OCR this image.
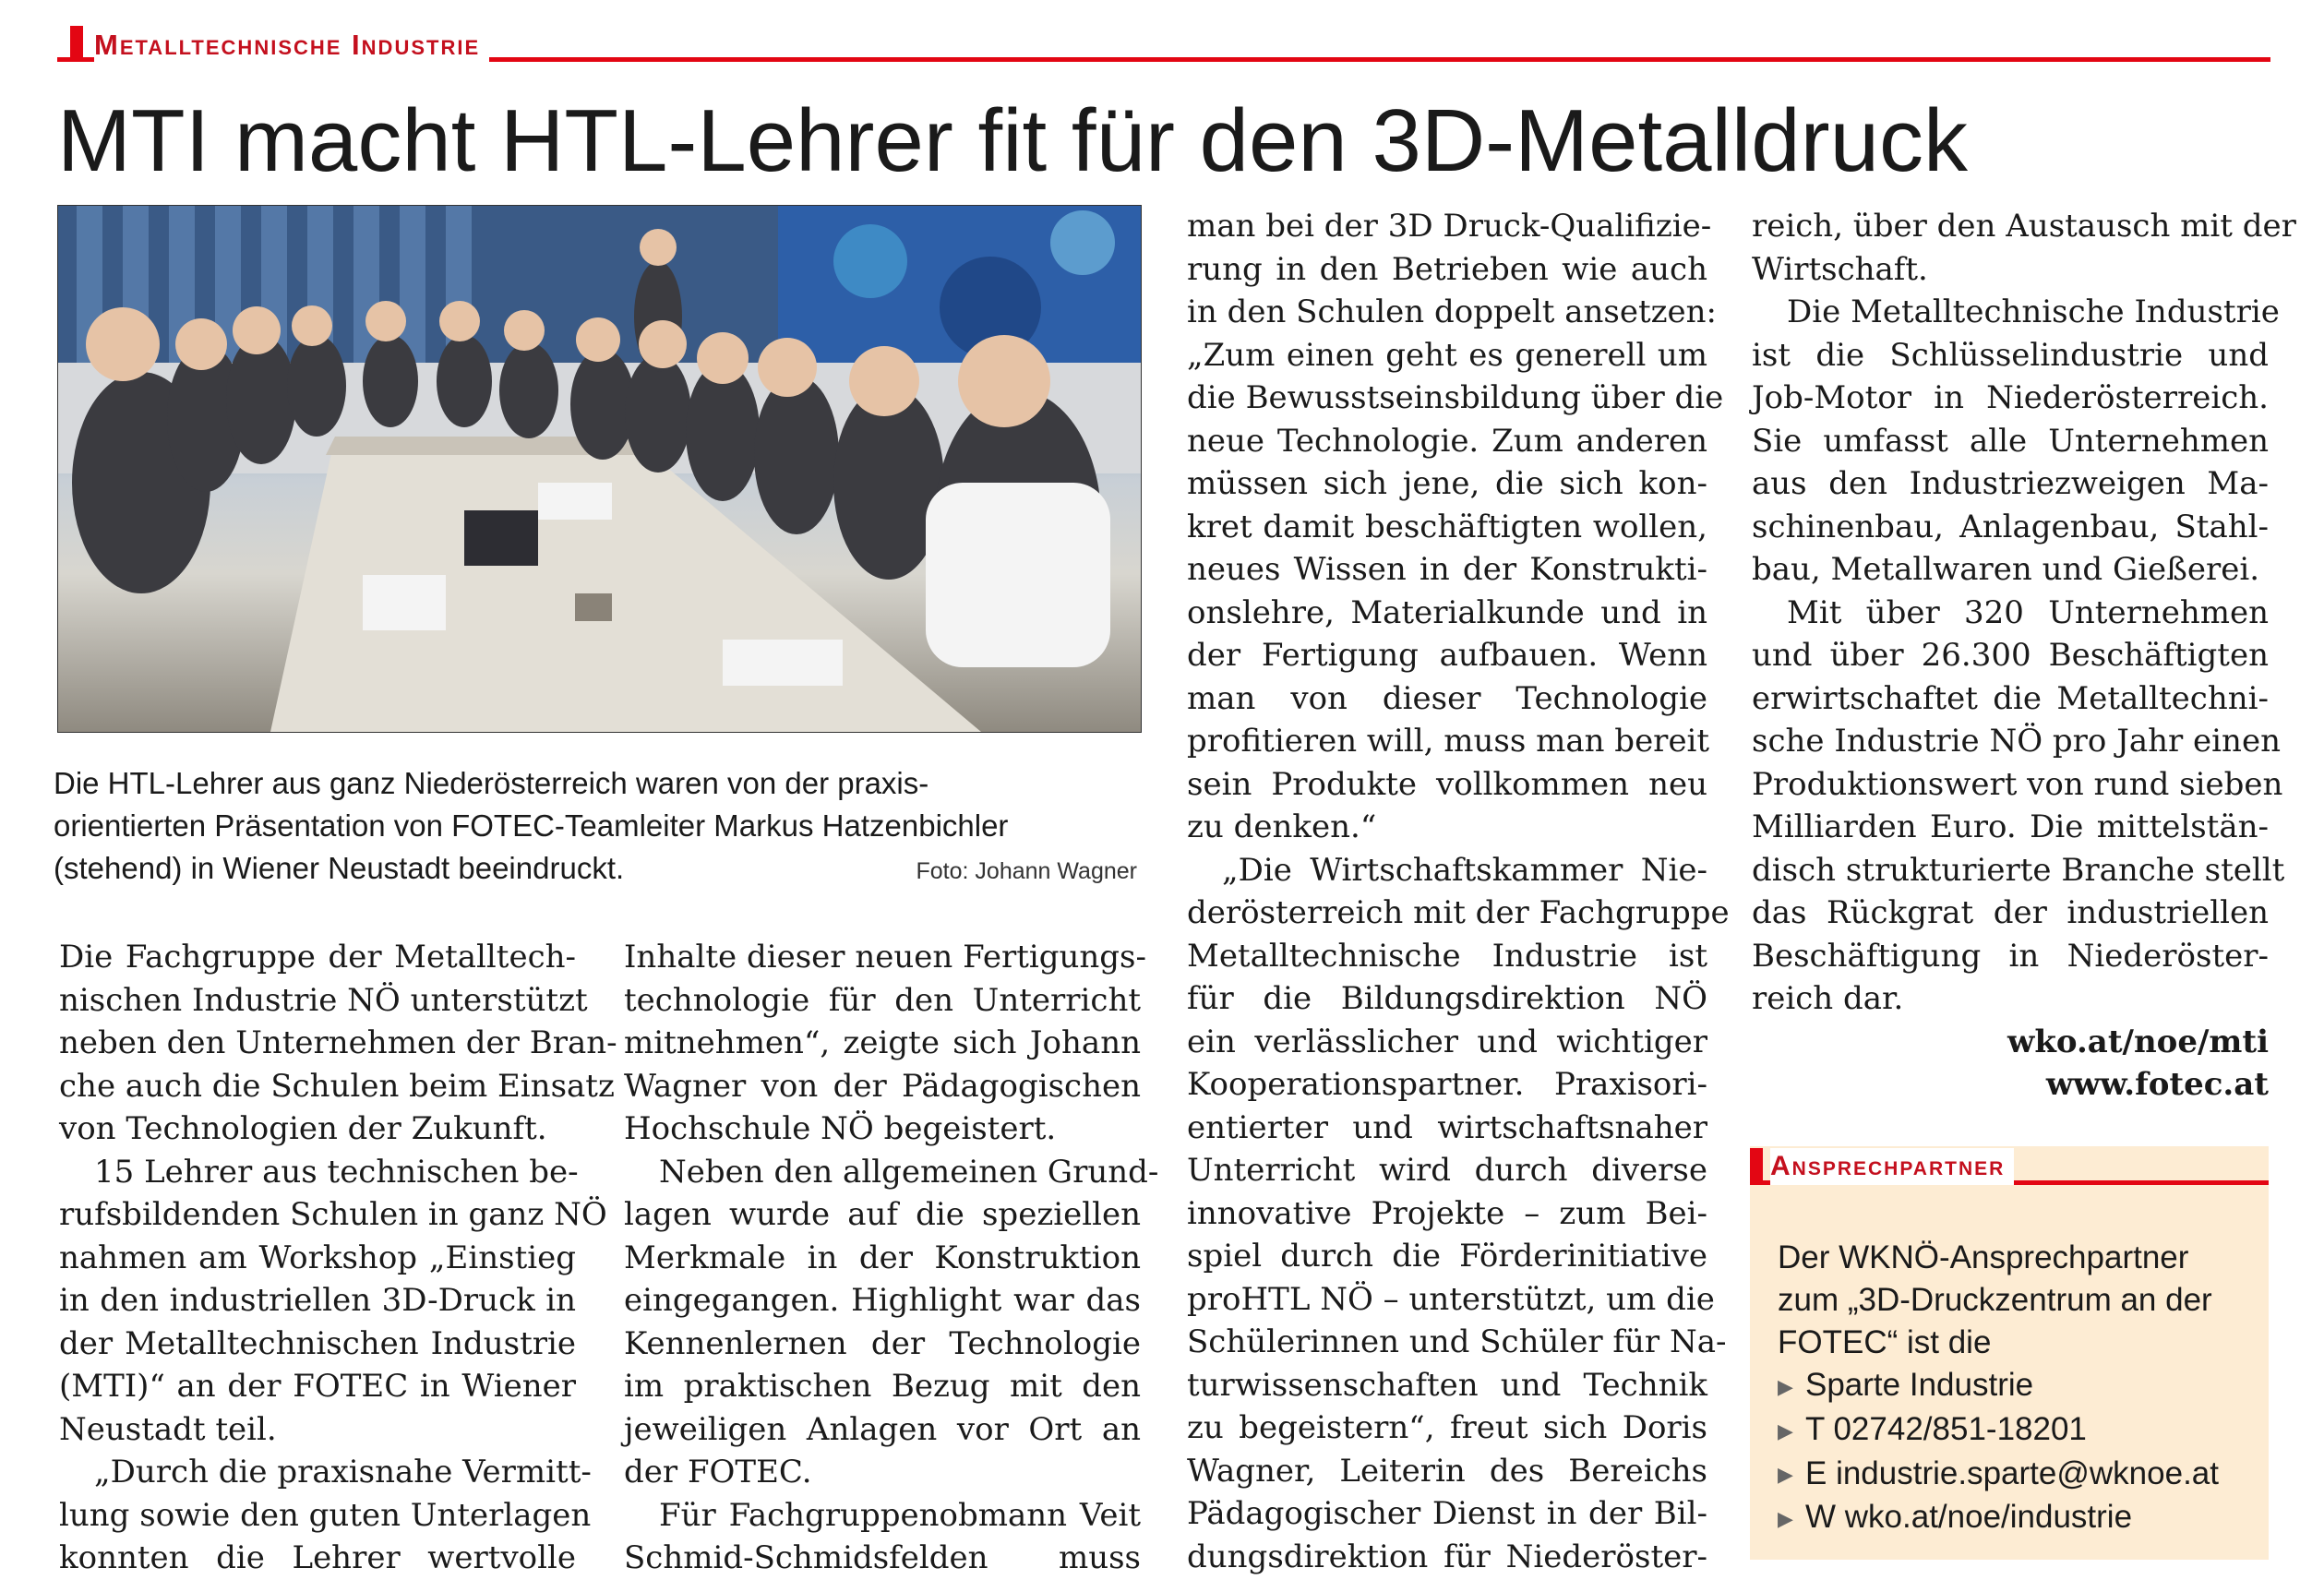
Metalltechnische Industrie
MTI macht HTL-Lehrer fit für den 3D-Metalldruck
Die HTL-Lehrer aus ganz Niederösterreich waren von der praxis-
orientierten Präsentation von FOTEC-Teamleiter Markus Hatzenbichler
(stehend) in Wiener Neustadt beeindruckt.	Foto: Johann Wagner
Die Fachgruppe der Metalltech-
nischen Industrie NÖ unterstützt
neben den Unternehmen der Bran-
che auch die Schulen beim Einsatz
von Technologien der Zukunft.
15 Lehrer aus technischen be-
rufsbildenden Schulen in ganz NÖ
nahmen am Workshop „Einstieg
in den industriellen 3D-Druck in
der Metalltechnischen Industrie
(MTI)“ an der FOTEC in Wiener
Neustadt teil.
„Durch die praxisnahe Vermitt-
lung sowie den guten Unterlagen
konnten die Lehrer wertvolle
Inhalte dieser neuen Fertigungs-
technologie für den Unterricht
mitnehmen“, zeigte sich Johann
Wagner von der Pädagogischen
Hochschule NÖ begeistert.
Neben den allgemeinen Grund-
lagen wurde auf die speziellen
Merkmale in der Konstruktion
eingegangen. Highlight war das
Kennenlernen der Technologie
im praktischen Bezug mit den
jeweiligen Anlagen vor Ort an
der FOTEC.
Für Fachgruppenobmann Veit
Schmid-Schmidsfelden muss
man bei der 3D Druck-Qualifizie-
rung in den Betrieben wie auch
in den Schulen doppelt ansetzen:
„Zum einen geht es generell um
die Bewusstseinsbildung über die
neue Technologie. Zum anderen
müssen sich jene, die sich kon-
kret damit beschäftigten wollen,
neues Wissen in der Konstrukti-
onslehre, Materialkunde und in
der Fertigung aufbauen. Wenn
man von dieser Technologie
profitieren will, muss man bereit
sein Produkte vollkommen neu
zu denken.“
„Die Wirtschaftskammer Nie-
derösterreich mit der Fachgruppe
Metalltechnische Industrie ist
für die Bildungsdirektion NÖ
ein verlässlicher und wichtiger
Kooperationspartner. Praxisori-
entierter und wirtschaftsnaher
Unterricht wird durch diverse
innovative Projekte – zum Bei-
spiel durch die Förderinitiative
proHTL NÖ – unterstützt, um die
Schülerinnen und Schüler für Na-
turwissenschaften und Technik
zu begeistern“, freut sich Doris
Wagner, Leiterin des Bereichs
Pädagogischer Dienst in der Bil-
dungsdirektion für Niederöster-
reich, über den Austausch mit der
Wirtschaft.
Die Metalltechnische Industrie
ist die Schlüsselindustrie und
Job-Motor in Niederösterreich.
Sie umfasst alle Unternehmen
aus den Industriezweigen Ma-
schinenbau, Anlagenbau, Stahl-
bau, Metallwaren und Gießerei.
Mit über 320 Unternehmen
und über 26.300 Beschäftigten
erwirtschaftet die Metalltechni-
sche Industrie NÖ pro Jahr einen
Produktionswert von rund sieben
Milliarden Euro. Die mittelstän-
disch strukturierte Branche stellt
das Rückgrat der industriellen
Beschäftigung in Niederöster-
reich dar.
wko.at/noe/mti
www.fotec.at
Ansprechpartner
Der WKNÖ-Ansprechpartner
zum „3D-Druckzentrum an der
FOTEC“ ist die
▶ Sparte Industrie
▶ T 02742/851-18201
▶ E industrie.sparte@wknoe.at
▶ W wko.at/noe/industrie
